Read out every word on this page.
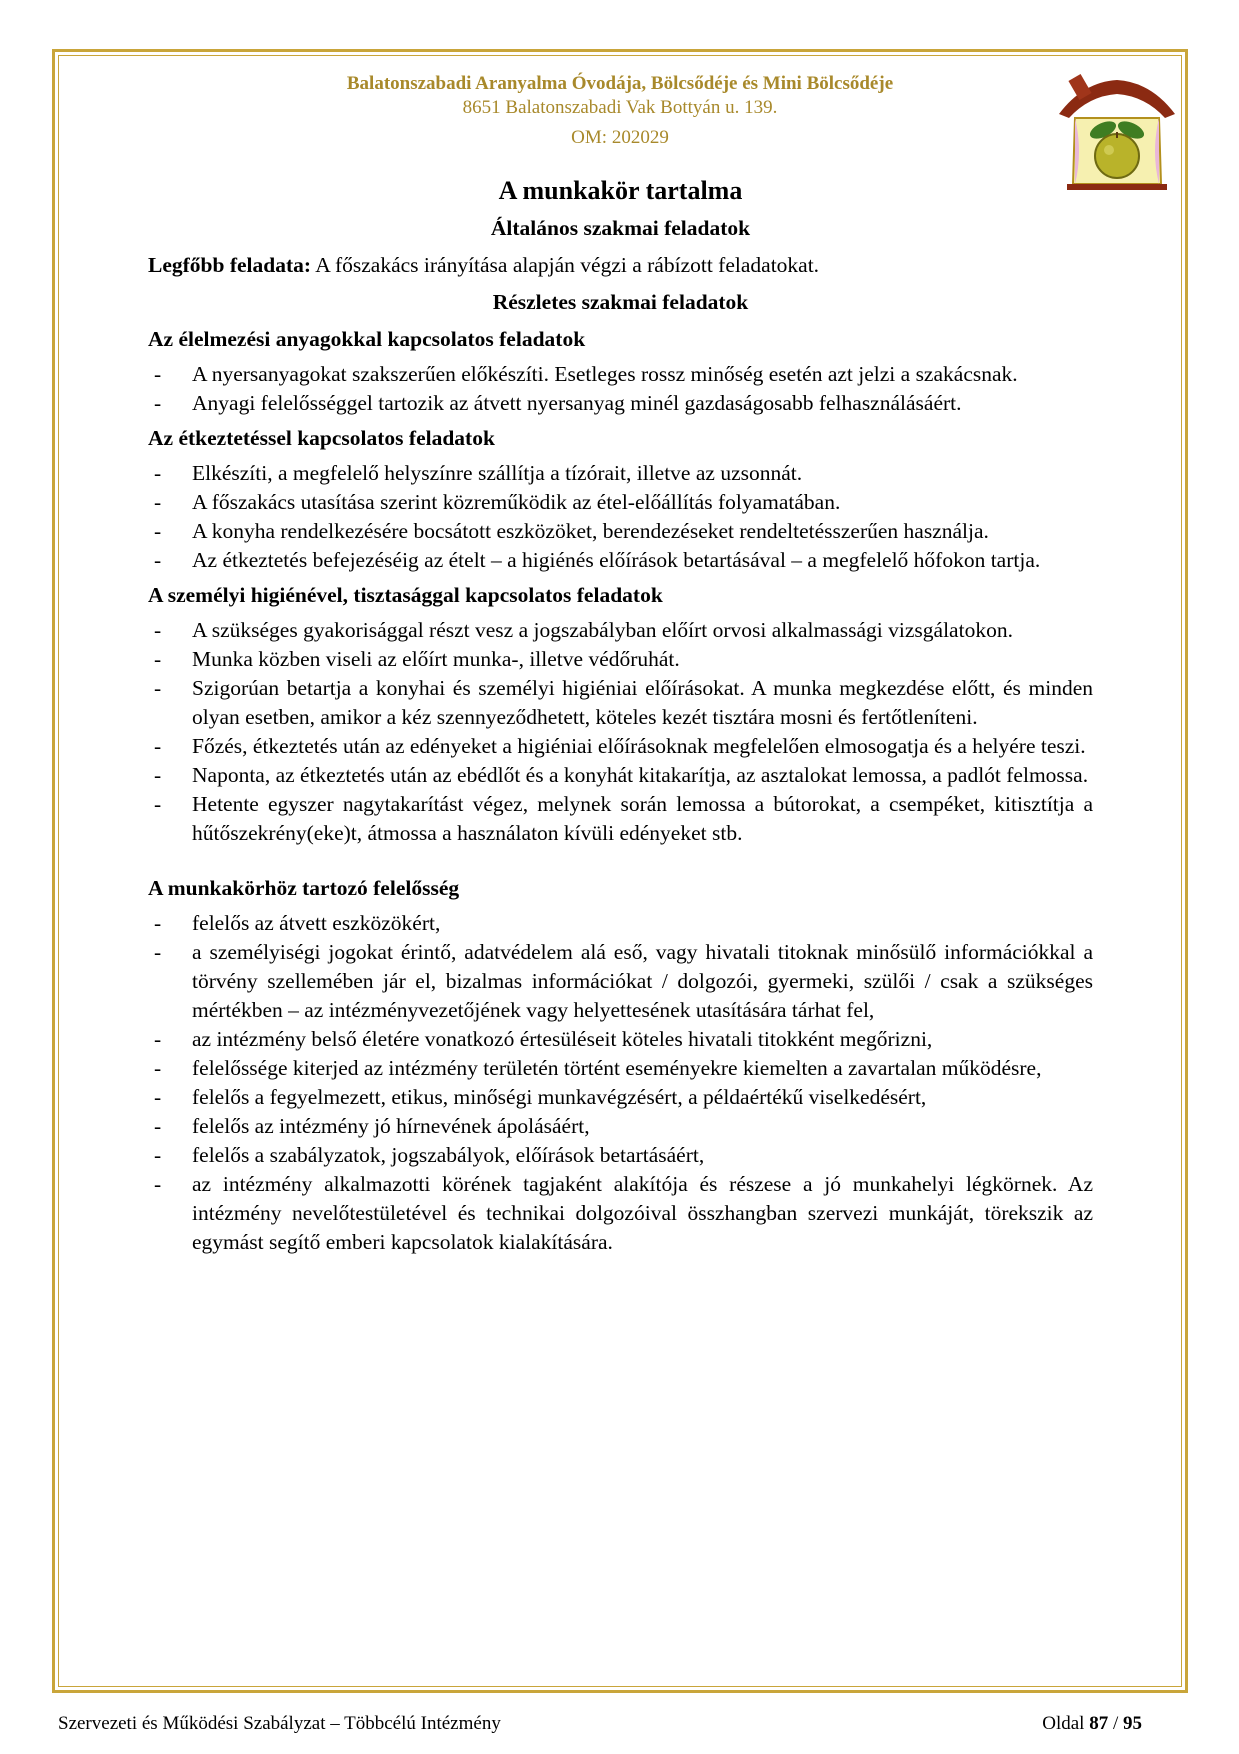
Balatonszabadi Aranyalma Óvodája, Bölcsődéje és Mini Bölcsődéje
8651 Balatonszabadi Vak Bottyán u. 139.
OM: 202029
A munkakör tartalma
Általános szakmai feladatok
Legfőbb feladata: A főszakács irányítása alapján végzi a rábízott feladatokat.
Részletes szakmai feladatok
Az élelmezési anyagokkal kapcsolatos feladatok
- A nyersanyagokat szakszerűen előkészíti. Esetleges rossz minőség esetén azt jelzi a szakácsnak.
- Anyagi felelősséggel tartozik az átvett nyersanyag minél gazdaságosabb felhasználásáért.
Az étkeztetéssel kapcsolatos feladatok
- Elkészíti, a megfelelő helyszínre szállítja a tízórait, illetve az uzsonnát.
- A főszakács utasítása szerint közreműködik az étel-előállítás folyamatában.
- A konyha rendelkezésére bocsátott eszközöket, berendezéseket rendeltetésszerűen használja.
- Az étkeztetés befejezéséig az ételt – a higiénés előírások betartásával – a megfelelő hőfokon tartja.
A személyi higiénével, tisztasággal kapcsolatos feladatok
- A szükséges gyakorisággal részt vesz a jogszabályban előírt orvosi alkalmassági vizsgálatokon.
- Munka közben viseli az előírt munka-, illetve védőruhát.
- Szigorúan betartja a konyhai és személyi higiéniai előírásokat. A munka megkezdése előtt, és minden olyan esetben, amikor a kéz szennyeződhetett, köteles kezét tisztára mosni és fertőtleníteni.
- Főzés, étkeztetés után az edényeket a higiéniai előírásoknak megfelelően elmosogatja és a helyére teszi.
- Naponta, az étkeztetés után az ebédlőt és a konyhát kitakarítja, az asztalokat lemossa, a padlót felmossa.
- Hetente egyszer nagytakarítást végez, melynek során lemossa a bútorokat, a csempéket, kitisztítja a hűtőszekrény(eke)t, átmossa a használaton kívüli edényeket stb.
A munkakörhöz tartozó felelősség
- felelős az átvett eszközökért,
- a személyiségi jogokat érintő, adatvédelem alá eső, vagy hivatali titoknak minősülő információkkal a törvény szellemében jár el, bizalmas információkat / dolgozói, gyermeki, szülői / csak a szükséges mértékben – az intézményvezetőjének vagy helyettesének utasítására tárhat fel,
- az intézmény belső életére vonatkozó értesüléseit köteles hivatali titokként megőrizni,
- felelőssége kiterjed az intézmény területén történt eseményekre kiemelten a zavartalan működésre,
- felelős a fegyelmezett, etikus, minőségi munkavégzésért, a példaértékű viselkedésért,
- felelős az intézmény jó hírnevének ápolásáért,
- felelős a szabályzatok, jogszabályok, előírások betartásáért,
- az intézmény alkalmazotti körének tagjaként alakítója és részese a jó munkahelyi légkörnek. Az intézmény nevelőtestületével és technikai dolgozóival összhangban szervezi munkáját, törekszik az egymást segítő emberi kapcsolatok kialakítására.
Szervezeti és Működési Szabályzat – Többcélú Intézmény	Oldal 87 / 95
